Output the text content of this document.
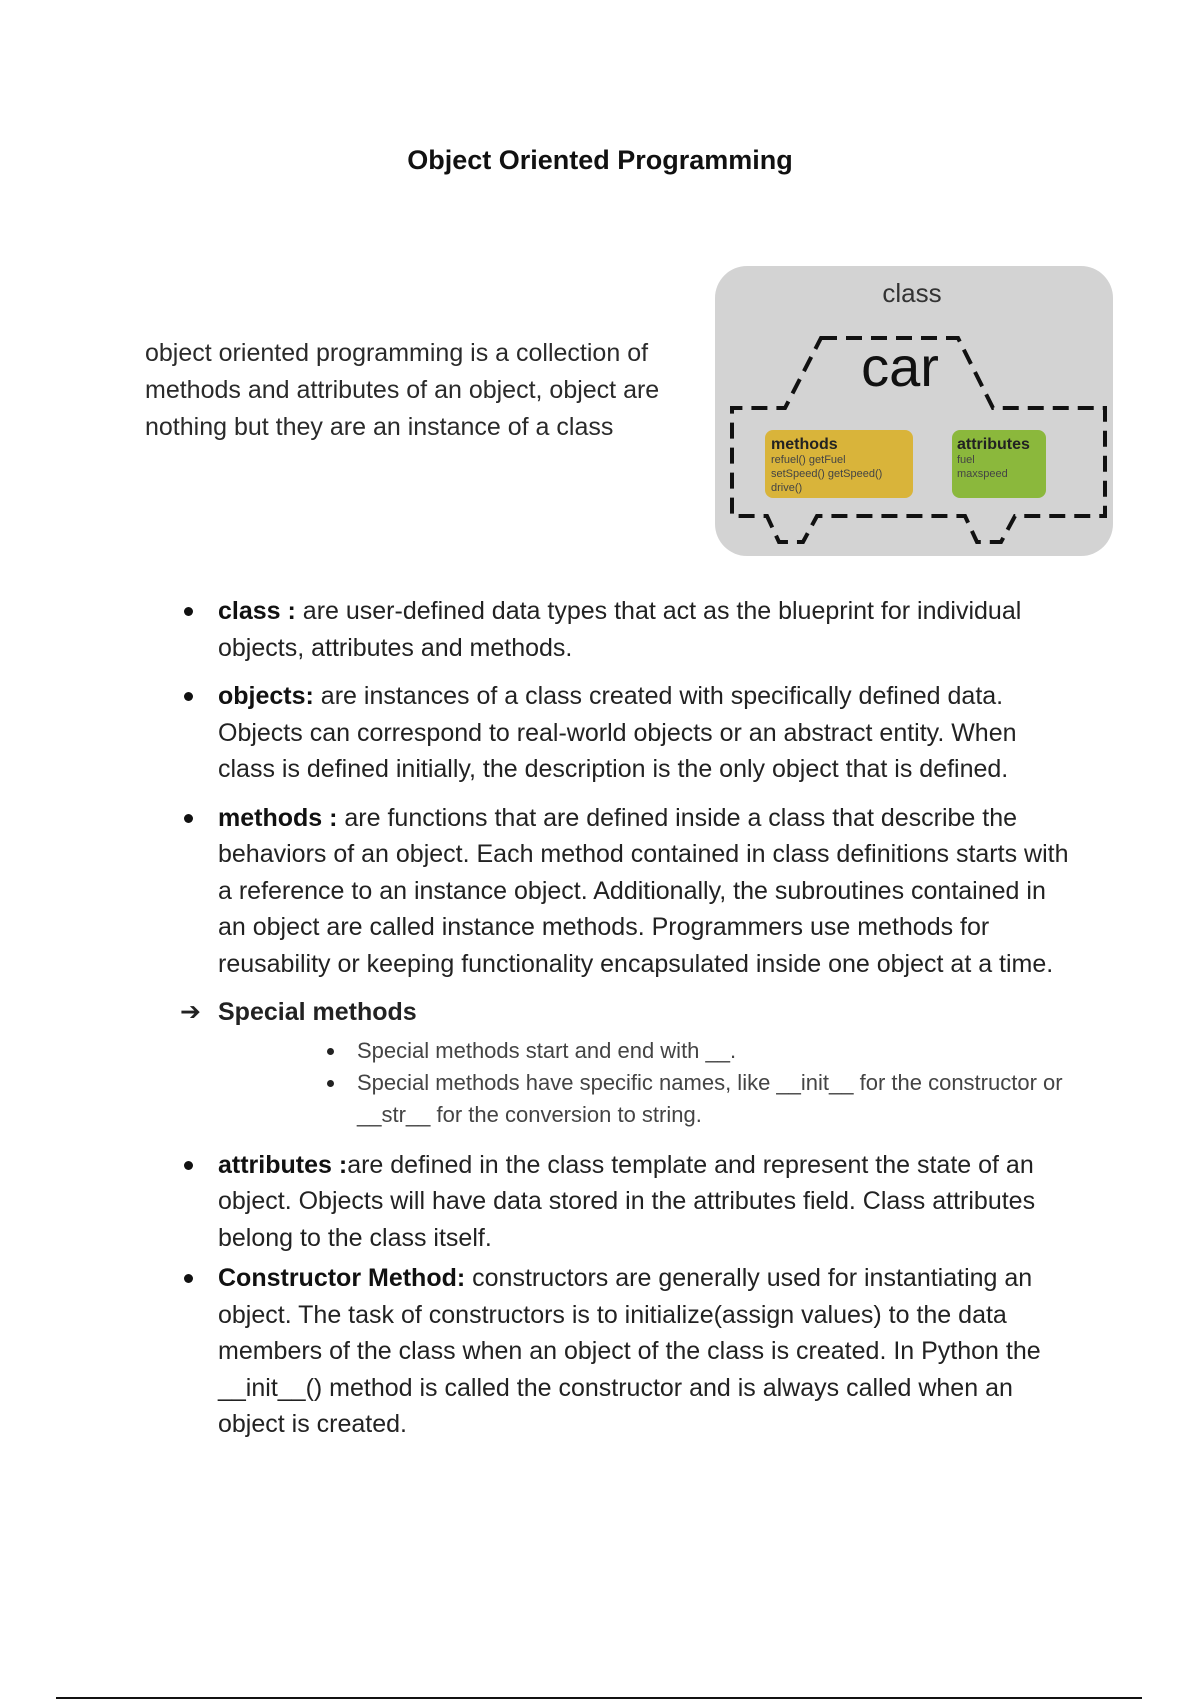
Object Oriented Programming
object oriented programming is a collection of methods and attributes of an object, object are nothing but they are an instance of a class
class
car
methods
refuel() getFuel
setSpeed() getSpeed()
drive()
attributes
fuel
maxspeed
class : are user-defined data types that act as the blueprint for individual objects, attributes and methods.
objects: are instances of a class created with specifically defined data. Objects can correspond to real-world objects or an abstract entity. When class is defined initially, the description is the only object that is defined.
methods : are functions that are defined inside a class that describe the behaviors of an object. Each method contained in class definitions starts with a reference to an instance object. Additionally, the subroutines contained in an object are called instance methods. Programmers use methods for reusability or keeping functionality encapsulated inside one object at a time.
➔ Special methods
Special methods start and end with __.
Special methods have specific names, like __init__ for the constructor or __str__ for the conversion to string.
attributes :are defined in the class template and represent the state of an object. Objects will have data stored in the attributes field. Class attributes belong to the class itself.
Constructor Method: constructors are generally used for instantiating an object. The task of constructors is to initialize(assign values) to the data members of the class when an object of the class is created. In Python the __init__() method is called the constructor and is always called when an object is created.
